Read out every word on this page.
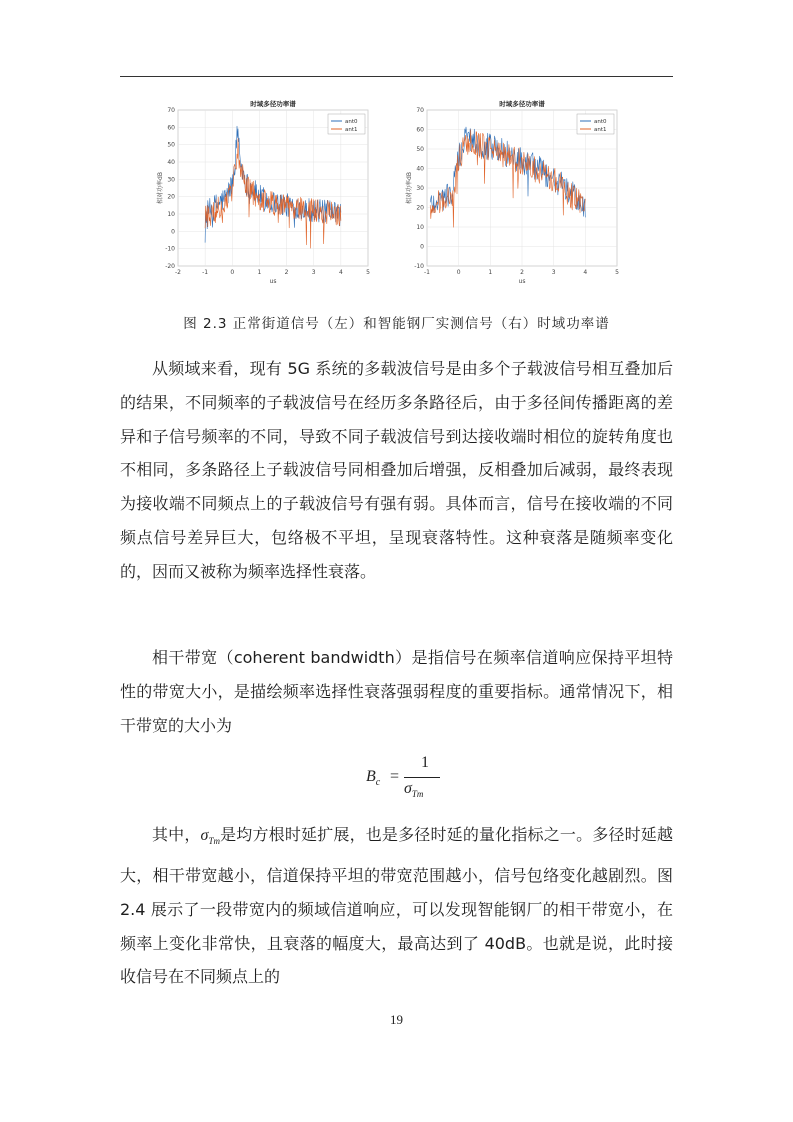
-2	-1	0	1	2	3	4	5
-20
-10
0
10
20
30
40
50
60
70
时域多径功率谱
us
相对功率dB
ant0
ant1
-1	0	1	2	3	4	5
-10
0
10
20
30
40
50
60
70
时域多径功率谱
us
相对功率dB
ant0
ant1
图 2.3 正常街道信号（左）和智能钢厂实测信号（右）时域功率谱

从频域来看，现有 5G 系统的多载波信号是由多个子载波信号相互叠加后的结果，不同频率的子载波信号在经历多条路径后，由于多径间传播距离的差异和子信号频率的不同，导致不同子载波信号到达接收端时相位的旋转角度也不相同，多条路径上子载波信号同相叠加后增强，反相叠加后减弱，最终表现为接收端不同频点上的子载波信号有强有弱。具体而言，信号在接收端的不同频点信号差异巨大，包络极不平坦，呈现衰落特性。这种衰落是随频率变化的，因而又被称为频率选择性衰落。

相干带宽（coherent bandwidth）是指信号在频率信道响应保持平坦特性的带宽大小，是描绘频率选择性衰落强弱程度的重要指标。通常情况下，相干带宽的大小为

$B_c$ =
1
$\sigma_{Tm}$

其中，$\sigma_{Tm}$是均方根时延扩展，也是多径时延的量化指标之一。多径时延越大，相干带宽越小，信道保持平坦的带宽范围越小，信号包络变化越剧烈。图 2.4 展示了一段带宽内的频域信道响应，可以发现智能钢厂的相干带宽小，在频率上变化非常快，且衰落的幅度大，最高达到了 40dB。也就是说，此时接收信号在不同频点上的

19
